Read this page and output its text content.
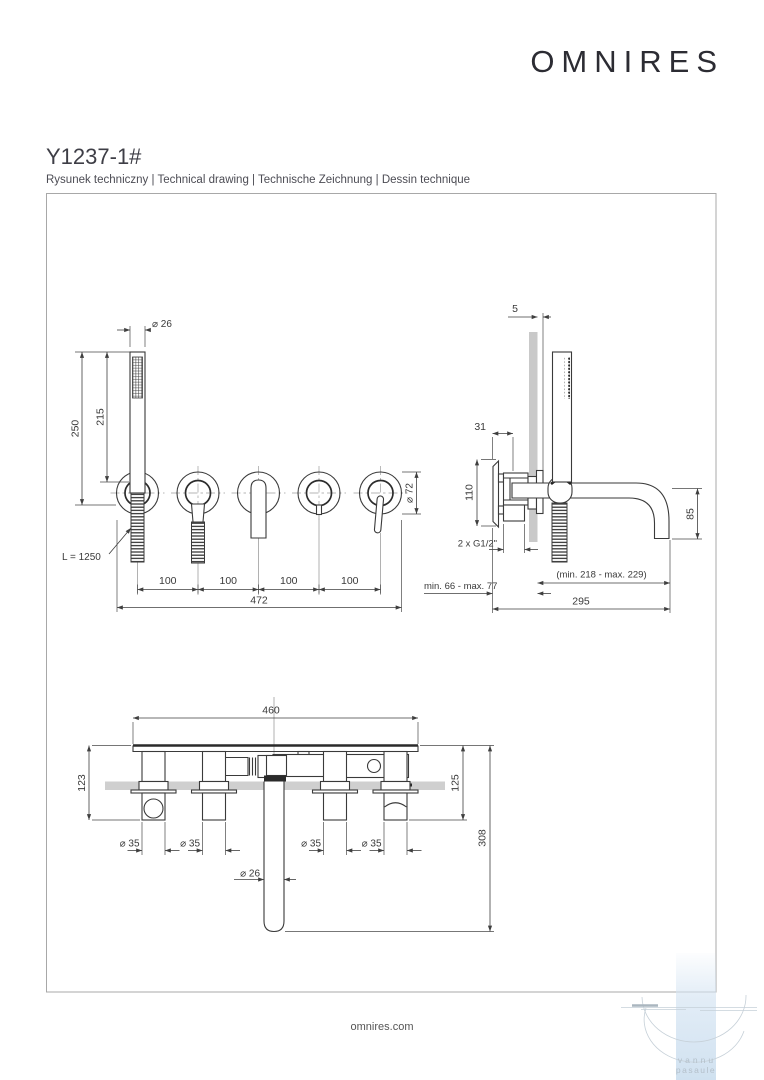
OMNIRES
Y1237-1#
Rysunek techniczny | Technical drawing | Technische Zeichnung | Dessin technique
⌀ 26
215
250
L = 1250
100	100	100	100
472
⌀ 72
5
31
110
2 x G1/2"
85
(min. 218 - max. 229)
min. 66 - max. 77
295
460
⌀ 35	⌀ 35	⌀ 35	⌀ 35
⌀ 26
123	125
308
vannu
pasaule
omnires.com
